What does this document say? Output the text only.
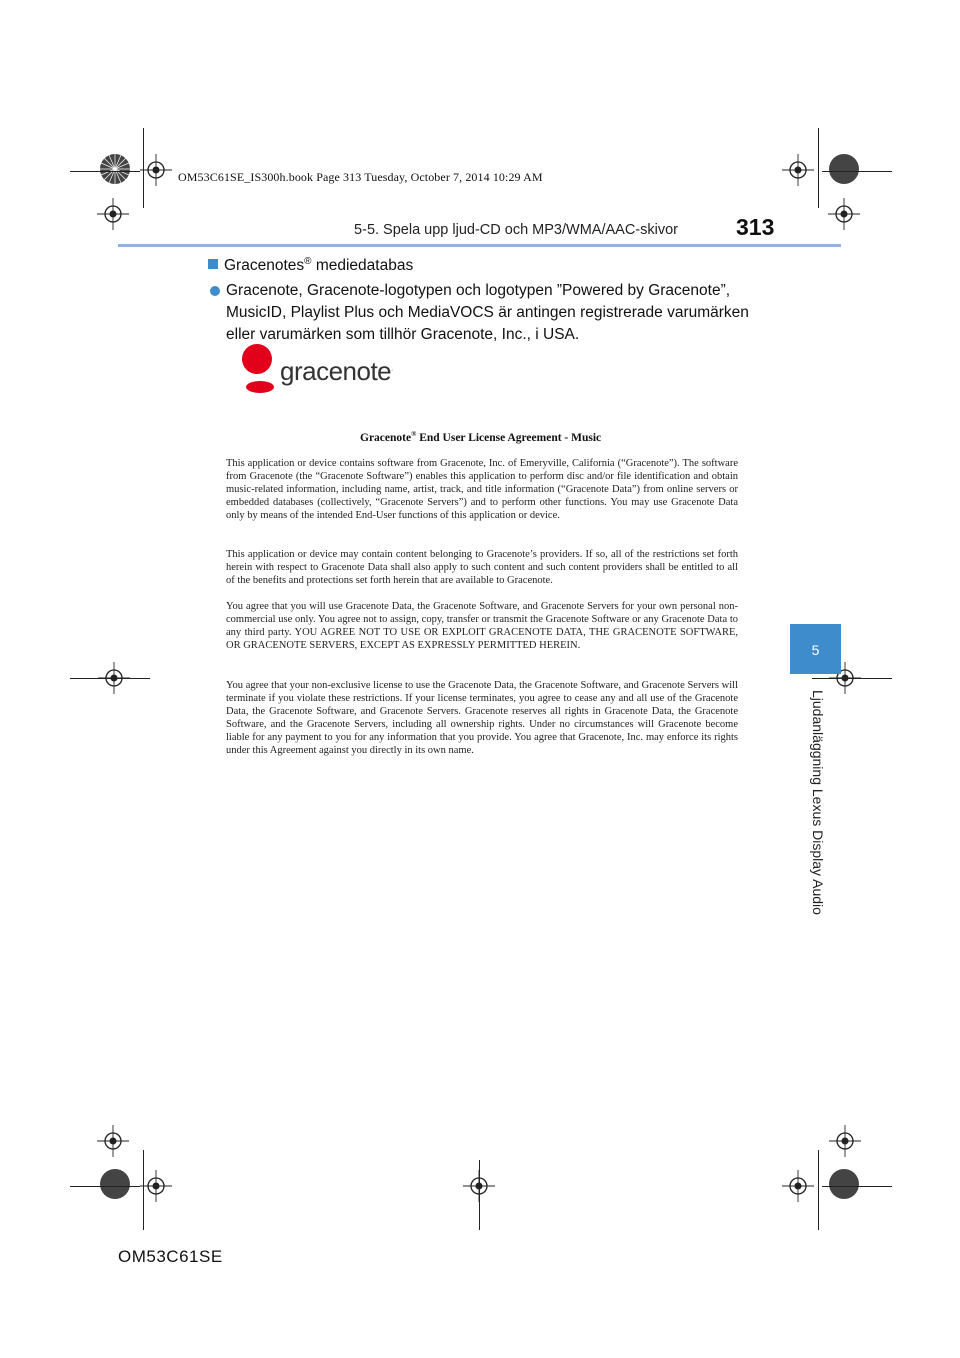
OM53C61SE_IS300h.book Page 313 Tuesday, October 7, 2014 10:29 AM
5-5. Spela upp ljud-CD och MP3/WMA/AAC-skivor	313
5
Ljudanläggning Lexus Display Audio
Gracenotes® mediedatabas
Gracenote, Gracenote-logotypen och logotypen ”Powered by Gracenote”, MusicID, Playlist Plus och MediaVOCS är antingen registrerade varumärken eller varumärken som tillhör Gracenote, Inc., i USA.
gracenote.
Gracenote® End User License Agreement - Music
This application or device contains software from Gracenote, Inc. of Emeryville, California (“Gracenote”). The software from Gracenote (the “Gracenote Software”) enables this application to perform disc and/or file identification and obtain music-related information, including name, artist, track, and title information (“Gracenote Data”) from online servers or embedded databases (collectively, “Gracenote Servers”) and to perform other functions. You may use Gracenote Data only by means of the intended End-User functions of this application or device.
This application or device may contain content belonging to Gracenote’s providers. If so, all of the restrictions set forth herein with respect to Gracenote Data shall also apply to such content and such content providers shall be entitled to all of the benefits and protections set forth herein that are available to Gracenote.
You agree that you will use Gracenote Data, the Gracenote Software, and Gracenote Servers for your own personal non-commercial use only. You agree not to assign, copy, transfer or transmit the Gracenote Software or any Gracenote Data to any third party. YOU AGREE NOT TO USE OR EXPLOIT GRACENOTE DATA, THE GRACENOTE SOFTWARE, OR GRACENOTE SERVERS, EXCEPT AS EXPRESSLY PERMITTED HEREIN.
You agree that your non-exclusive license to use the Gracenote Data, the Gracenote Software, and Gracenote Servers will terminate if you violate these restrictions. If your license terminates, you agree to cease any and all use of the Gracenote Data, the Gracenote Software, and Gracenote Servers. Gracenote reserves all rights in Gracenote Data, the Gracenote Software, and the Gracenote Servers, including all ownership rights. Under no circumstances will Gracenote become liable for any payment to you for any information that you provide. You agree that Gracenote, Inc. may enforce its rights under this Agreement against you directly in its own name.
OM53C61SE
